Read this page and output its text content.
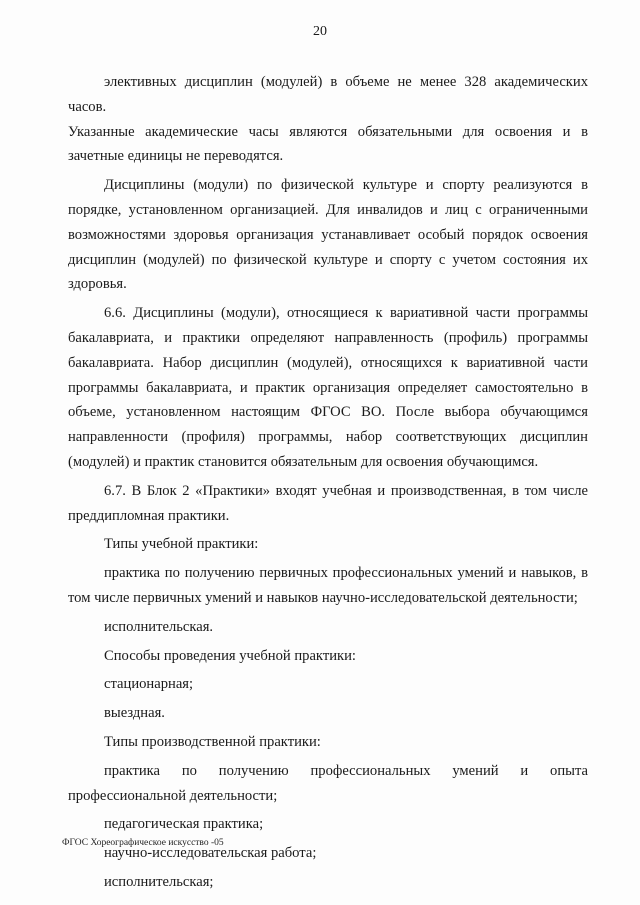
20

элективных дисциплин (модулей) в объеме не менее 328 академических часов.

Указанные академические часы являются обязательными для освоения и в зачетные единицы не переводятся.

Дисциплины (модули) по физической культуре и спорту реализуются в порядке, установленном организацией. Для инвалидов и лиц с ограниченными возможностями здоровья организация устанавливает особый порядок освоения дисциплин (модулей) по физической культуре и спорту с учетом состояния их здоровья.

6.6. Дисциплины (модули), относящиеся к вариативной части программы бакалавриата, и практики определяют направленность (профиль) программы бакалавриата. Набор дисциплин (модулей), относящихся к вариативной части программы бакалавриата, и практик организация определяет самостоятельно в объеме, установленном настоящим ФГОС ВО. После выбора обучающимся направленности (профиля) программы, набор соответствующих дисциплин (модулей) и практик становится обязательным для освоения обучающимся.

6.7. В Блок 2 «Практики» входят учебная и производственная, в том числе преддипломная практики.

Типы учебной практики:

практика по получению первичных профессиональных умений и навыков, в том числе первичных умений и навыков научно-исследовательской деятельности;

исполнительская.

Способы проведения учебной практики:

стационарная;

выездная.

Типы производственной практики:

практика по получению профессиональных умений и опыта

профессиональной деятельности;

педагогическая практика;

научно-исследовательская работа;

исполнительская;

ФГОС Хореографическое искусство -05
